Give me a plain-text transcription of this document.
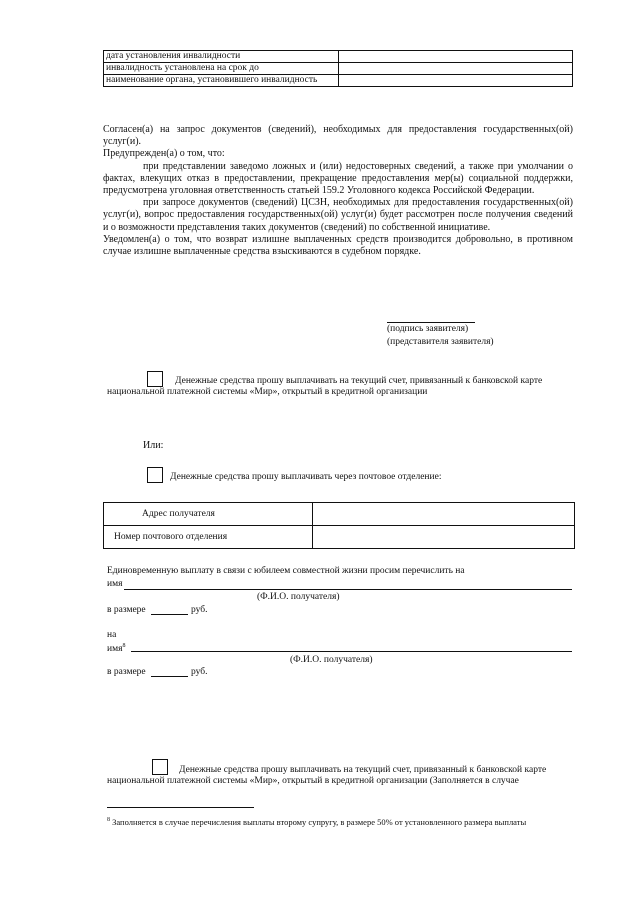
дата установления инвалидности	
инвалидность установлена на срок до	
наименование органа, установившего инвалидность	
Согласен(а) на запрос документов (сведений), необходимых для предоставления государственных(ой) услуг(и).
Предупрежден(а) о том, что:
при представлении заведомо ложных и (или) недостоверных сведений, а также при умолчании о фактах, влекущих отказ в предоставлении, прекращение предоставления мер(ы) социальной поддержки, предусмотрена уголовная ответственность статьей 159.2 Уголовного кодекса Российской Федерации.
при запросе документов (сведений) ЦСЗН, необходимых для предоставления государственных(ой) услуг(и), вопрос предоставления государственных(ой) услуг(и) будет рассмотрен после получения сведений и о возможности представления таких документов (сведений) по собственной инициативе.
Уведомлен(а) о том, что возврат излишне выплаченных средств производится добровольно, в противном случае излишне выплаченные средства взыскиваются в судебном порядке.
(подпись заявителя)
(представителя заявителя)
Денежные средства прошу выплачивать на текущий счет, привязанный к банковской карте национальной платежной системы «Мир», открытый в кредитной организации
Или:
Денежные средства прошу выплачивать через почтовое отделение:
Адрес получателя	
Номер почтового отделения	
Единовременную выплату в связи с юбилеем совместной жизни просим перечислить на
имя
(Ф.И.О. получателя)
в размере	руб.
на
имя$^8$
(Ф.И.О. получателя)
в размере	руб.
Денежные средства прошу выплачивать на текущий счет, привязанный к банковской карте национальной платежной системы «Мир», открытый в кредитной организации (Заполняется в случае
$^8$ Заполняется в случае перечисления выплаты второму супругу, в размере 50% от установленного размера выплаты
